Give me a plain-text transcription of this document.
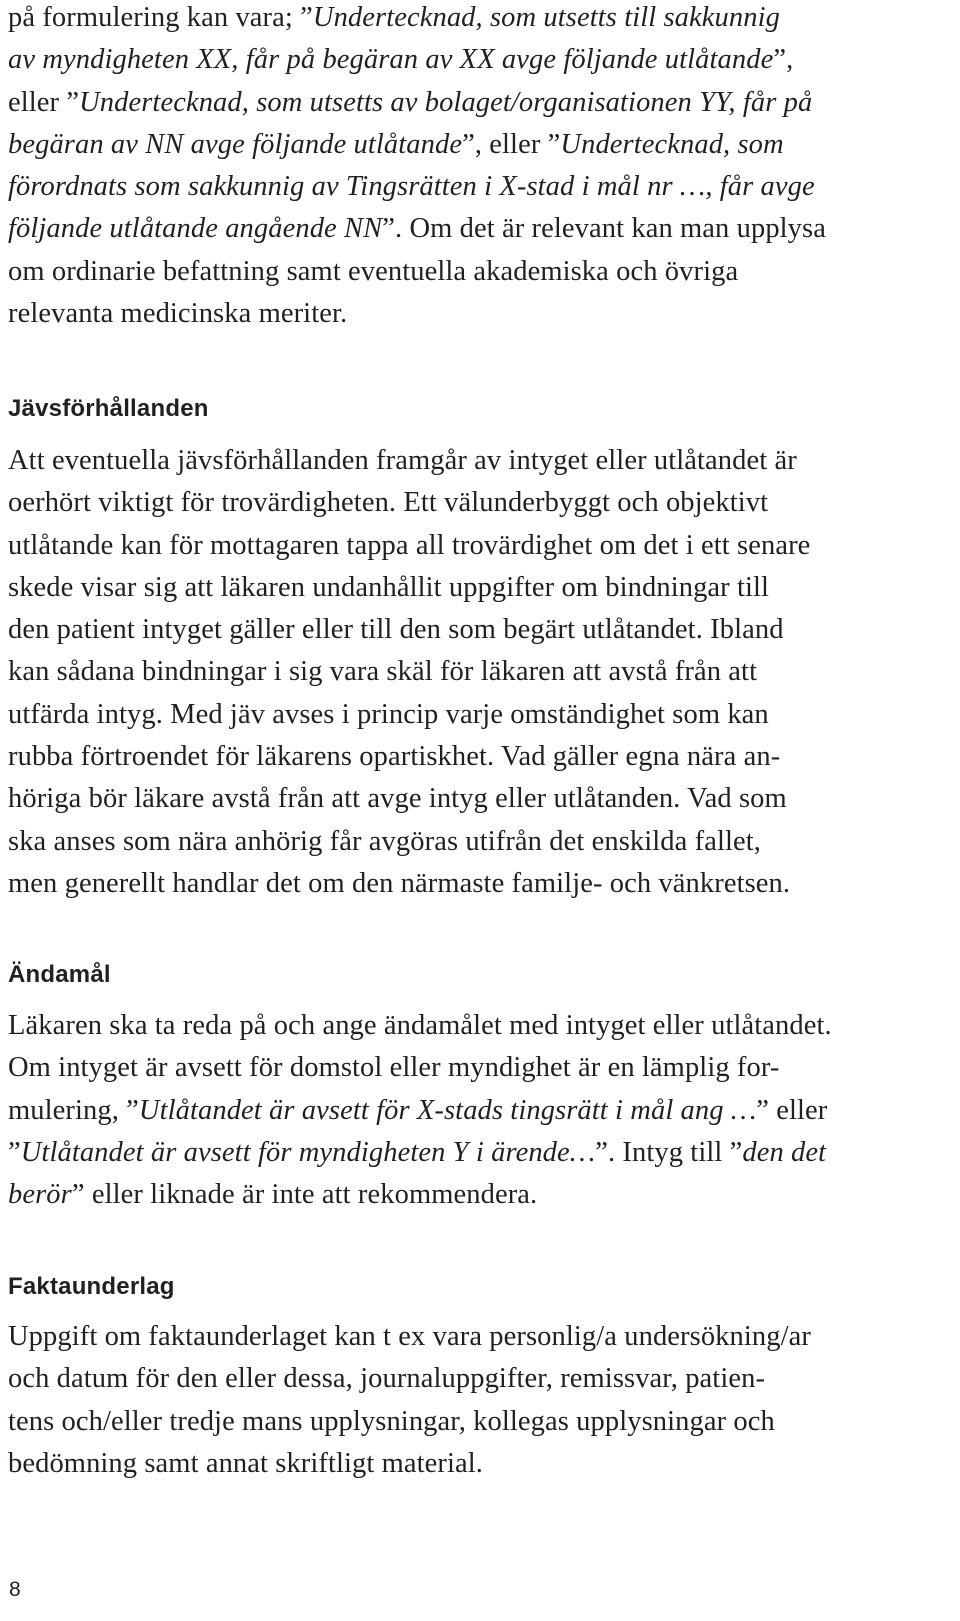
på formulering kan vara; ”Undertecknad, som utsetts till sakkunnig
av myndigheten XX, får på begäran av XX avge följande utlåtande”,
eller ”Undertecknad, som utsetts av bolaget/organisationen YY, får på
begäran av NN avge följande utlåtande”, eller ”Undertecknad, som
förordnats som sakkunnig av Tingsrätten i X-stad i mål nr …, får avge
följande utlåtande angående NN”. Om det är relevant kan man upplysa
om ordinarie befattning samt eventuella akademiska och övriga
relevanta medicinska meriter.

Jävsförhållanden

Att eventuella jävsförhållanden framgår av intyget eller utlåtandet är
oerhört viktigt för trovärdigheten. Ett välunderbyggt och objektivt
utlåtande kan för mottagaren tappa all trovärdighet om det i ett senare
skede visar sig att läkaren undanhållit uppgifter om bindningar till
den patient intyget gäller eller till den som begärt utlåtandet. Ibland
kan sådana bindningar i sig vara skäl för läkaren att avstå från att
utfärda intyg. Med jäv avses i princip varje omständighet som kan
rubba förtroendet för läkarens opartiskhet. Vad gäller egna nära an-
höriga bör läkare avstå från att avge intyg eller utlåtanden. Vad som
ska anses som nära anhörig får avgöras utifrån det enskilda fallet,
men generellt handlar det om den närmaste familje- och vänkretsen.

Ändamål

Läkaren ska ta reda på och ange ändamålet med intyget eller utlåtandet.
Om intyget är avsett för domstol eller myndighet är en lämplig for-
mulering, ”Utlåtandet är avsett för X-stads tingsrätt i mål ang …” eller
”Utlåtandet är avsett för myndigheten Y i ärende…”. Intyg till ”den det
berör” eller liknade är inte att rekommendera.

Faktaunderlag

Uppgift om faktaunderlaget kan t ex vara personlig/a undersökning/ar
och datum för den eller dessa, journaluppgifter, remissvar, patien-
tens och/eller tredje mans upplysningar, kollegas upplysningar och
bedömning samt annat skriftligt material.

8
